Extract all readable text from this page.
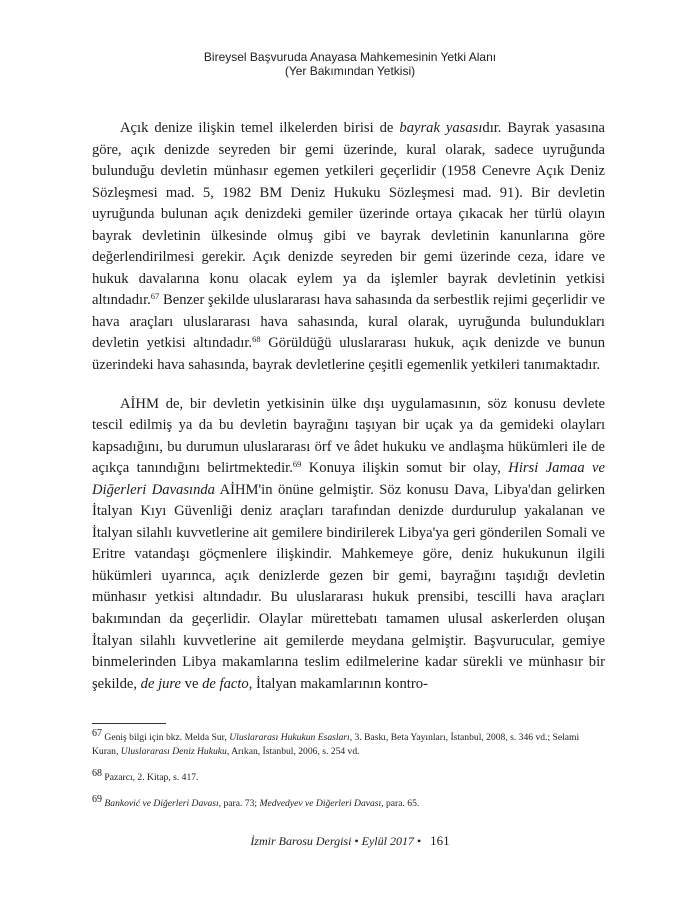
Bireysel Başvuruda Anayasa Mahkemesinin Yetki Alanı
(Yer Bakımından Yetkisi)

Açık denize ilişkin temel ilkelerden birisi de bayrak yasasıdır. Bayrak yasasına göre, açık denizde seyreden bir gemi üzerinde, kural olarak, sadece uyruğunda bulunduğu devletin münhasır egemen yetkileri geçerlidir (1958 Cenevre Açık Deniz Sözleşmesi mad. 5, 1982 BM Deniz Hukuku Sözleşmesi mad. 91). Bir devletin uyruğunda bulunan açık denizdeki gemiler üzerinde ortaya çıkacak her türlü olayın bayrak devletinin ülkesinde olmuş gibi ve bayrak devletinin kanunlarına göre değerlendirilmesi gerekir. Açık denizde seyreden bir gemi üzerinde ceza, idare ve hukuk davalarına konu olacak eylem ya da işlemler bayrak devletinin yetkisi altındadır.$^{67}$ Benzer şekilde uluslararası hava sahasında da serbestlik rejimi geçerlidir ve hava araçları uluslararası hava sahasında, kural olarak, uyruğunda bulundukları devletin yetkisi altındadır.$^{68}$ Görüldüğü uluslararası hukuk, açık denizde ve bunun üzerindeki hava sahasında, bayrak devletlerine çeşitli egemenlik yetkileri tanımaktadır.

AİHM de, bir devletin yetkisinin ülke dışı uygulamasının, söz konusu devlete tescil edilmiş ya da bu devletin bayrağını taşıyan bir uçak ya da gemideki olayları kapsadığını, bu durumun uluslararası örf ve âdet hukuku ve andlaşma hükümleri ile de açıkça tanındığını belirtmektedir.$^{69}$ Konuya ilişkin somut bir olay, Hirsi Jamaa ve Diğerleri Davasında AİHM'in önüne gelmiştir. Söz konusu Dava, Libya'dan gelirken İtalyan Kıyı Güvenliği deniz araçları tarafından denizde durdurulup yakalanan ve İtalyan silahlı kuvvetlerine ait gemilere bindirilerek Libya'ya geri gönderilen Somali ve Eritre vatandaşı göçmenlere ilişkindir. Mahkemeye göre, deniz hukukunun ilgili hükümleri uyarınca, açık denizlerde gezen bir gemi, bayrağını taşıdığı devletin münhasır yetkisi altındadır. Bu uluslararası hukuk prensibi, tescilli hava araçları bakımından da geçerlidir. Olaylar mürettebatı tamamen ulusal askerlerden oluşan İtalyan silahlı kuvvetlerine ait gemilerde meydana gelmiştir. Başvurucular, gemiye binmelerinden Libya makamlarına teslim edilmelerine kadar sürekli ve münhasır bir şekilde, de jure ve de facto, İtalyan makamlarının kontro-

$^{67}$ Geniş bilgi için bkz. Melda Sur, Uluslararası Hukukun Esasları, 3. Baskı, Beta Yayınları, İstanbul, 2008, s. 346 vd.; Selami Kuran, Uluslararası Deniz Hukuku, Arıkan, İstanbul, 2006, s. 254 vd.
$^{68}$ Pazarcı, 2. Kitap, s. 417.
$^{69}$ Banković ve Diğerleri Davası, para. 73; Medvedyev ve Diğerleri Davası, para. 65.
İzmir Barosu Dergisi • Eylül 2017 • 161
